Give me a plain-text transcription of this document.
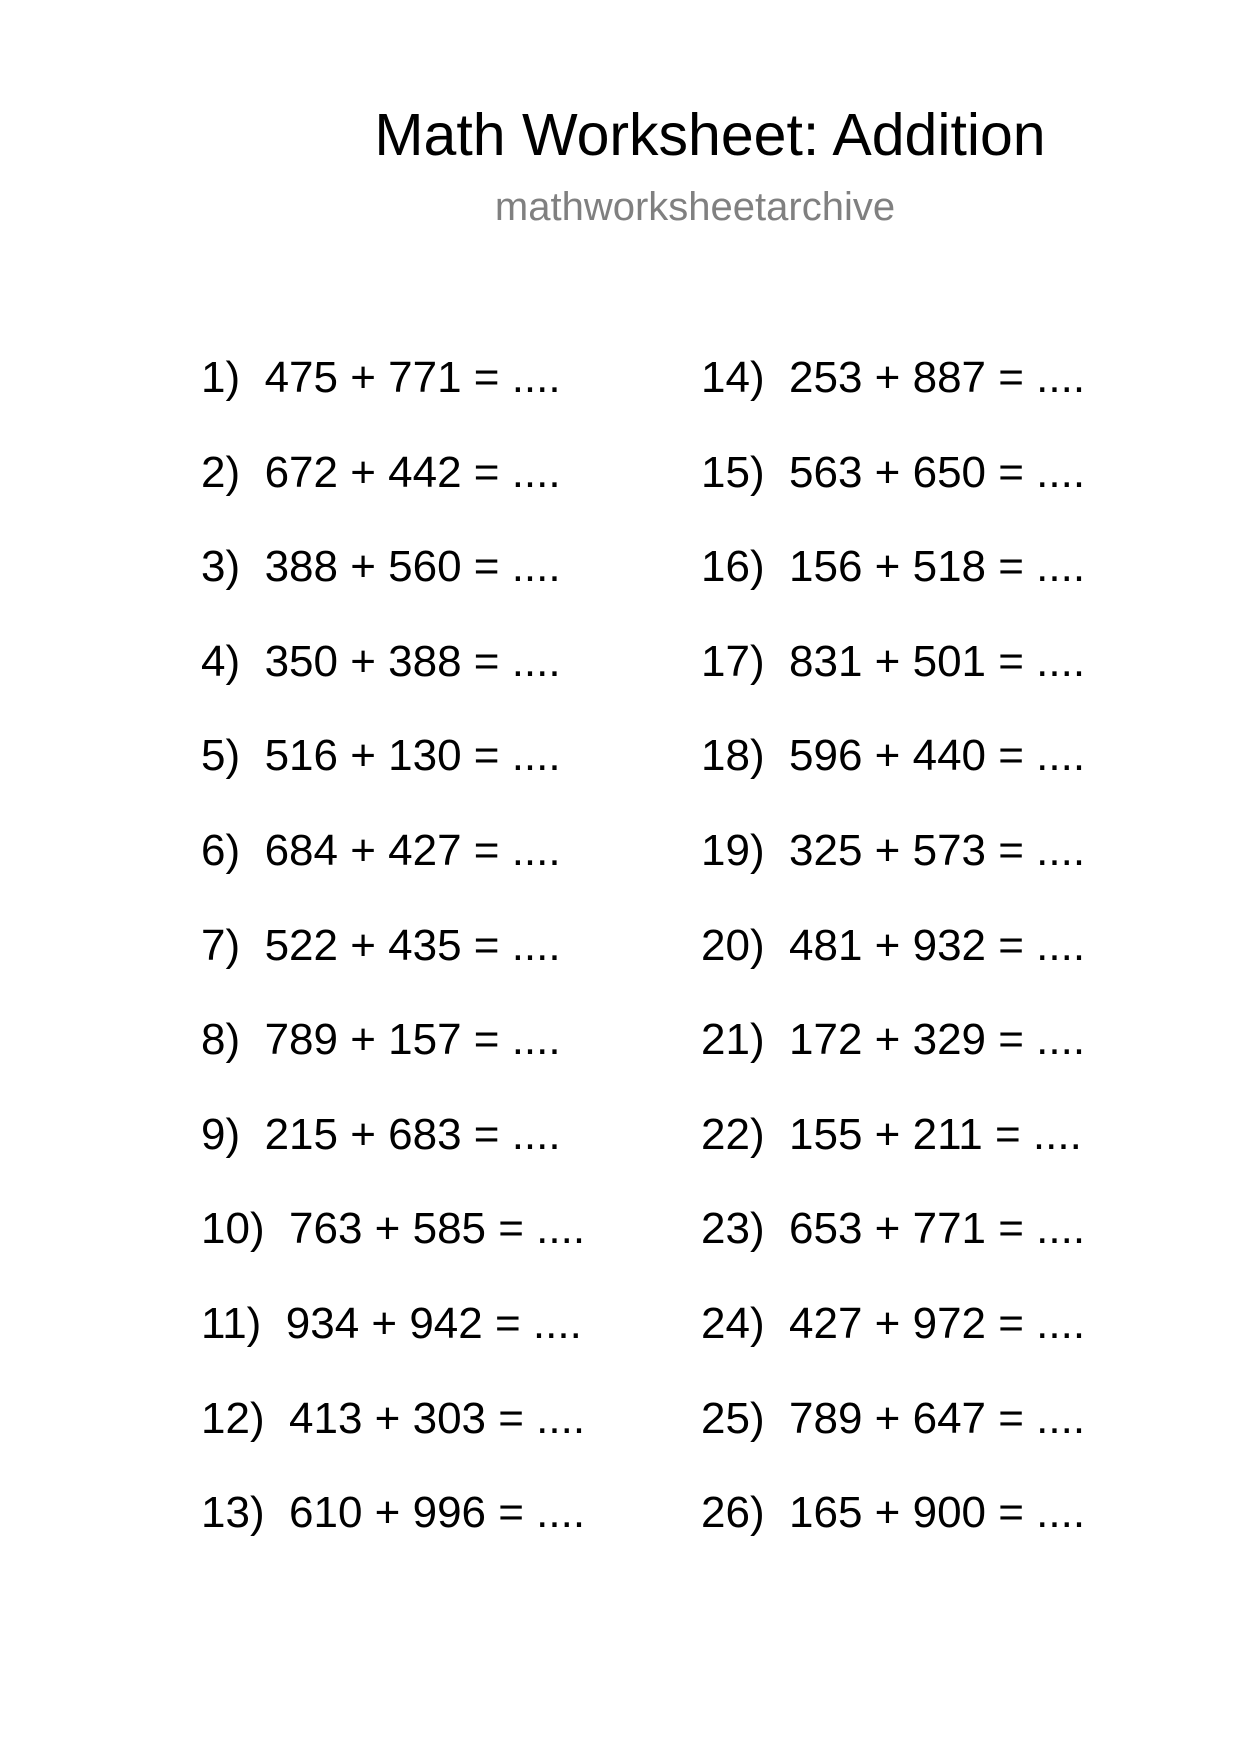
Math Worksheet: Addition
mathworksheetarchive
1) 475 + 771 = ....
2) 672 + 442 = ....
3) 388 + 560 = ....
4) 350 + 388 = ....
5) 516 + 130 = ....
6) 684 + 427 = ....
7) 522 + 435 = ....
8) 789 + 157 = ....
9) 215 + 683 = ....
10) 763 + 585 = ....
11) 934 + 942 = ....
12) 413 + 303 = ....
13) 610 + 996 = ....
14) 253 + 887 = ....
15) 563 + 650 = ....
16) 156 + 518 = ....
17) 831 + 501 = ....
18) 596 + 440 = ....
19) 325 + 573 = ....
20) 481 + 932 = ....
21) 172 + 329 = ....
22) 155 + 211 = ....
23) 653 + 771 = ....
24) 427 + 972 = ....
25) 789 + 647 = ....
26) 165 + 900 = ....
